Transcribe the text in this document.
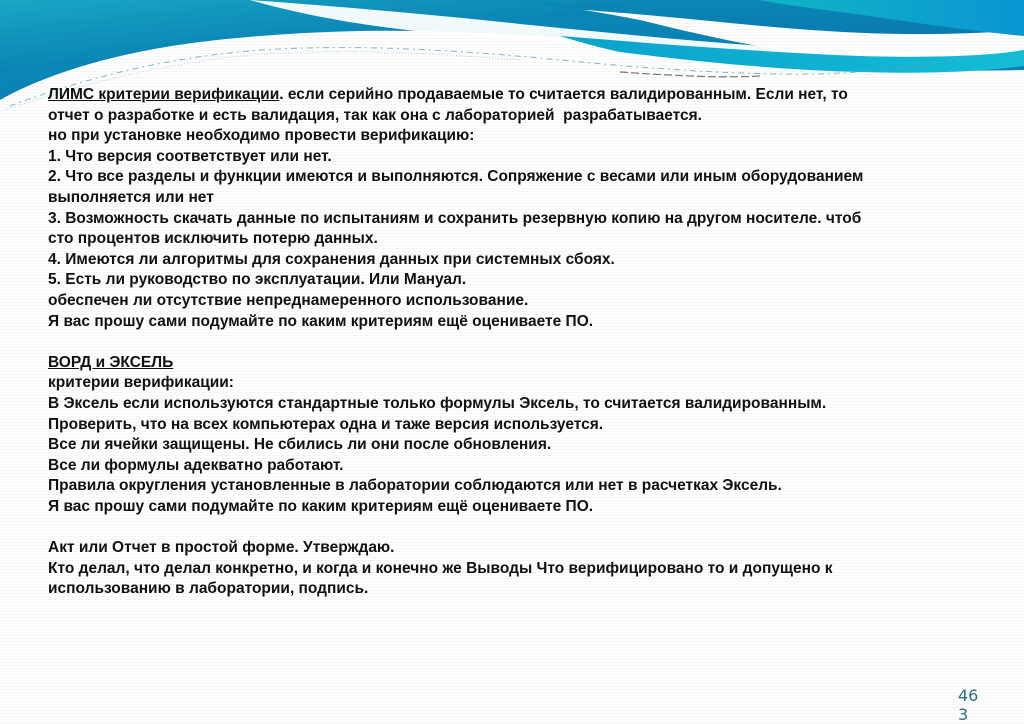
ЛИМС критерии верификации. если серийно продаваемые то считается валидированным. Если нет, то
отчет о разработке и есть валидация, так как она с лабораторией  разрабатывается.
но при установке необходимо провести верификацию:
1. Что версия соответствует или нет.
2. Что все разделы и функции имеются и выполняются. Сопряжение с весами или иным оборудованием
выполняется или нет
3. Возможность скачать данные по испытаниям и сохранить резервную копию на другом носителе. чтоб
сто процентов исключить потерю данных.
4. Имеются ли алгоритмы для сохранения данных при системных сбоях.
5. Есть ли руководство по эксплуатации. Или Мануал.
обеспечен ли отсутствие непреднамеренного использование.
Я вас прошу сами подумайте по каким критериям ещё оцениваете ПО.
ВОРД и ЭКСЕЛЬ
критерии верификации:
В Эксель если используются стандартные только формулы Эксель, то считается валидированным.
Проверить, что на всех компьютерах одна и таже версия используется.
Все ли ячейки защищены. Не сбились ли они после обновления.
Все ли формулы адекватно работают.
Правила округления установленные в лаборатории соблюдаются или нет в расчетках Эксель.
Я вас прошу сами подумайте по каким критериям ещё оцениваете ПО.
Акт или Отчет в простой форме. Утверждаю.
Кто делал, что делал конкретно, и когда и конечно же Выводы Что верифицировано то и допущено к
использованию в лаборатории, подпись.
463
